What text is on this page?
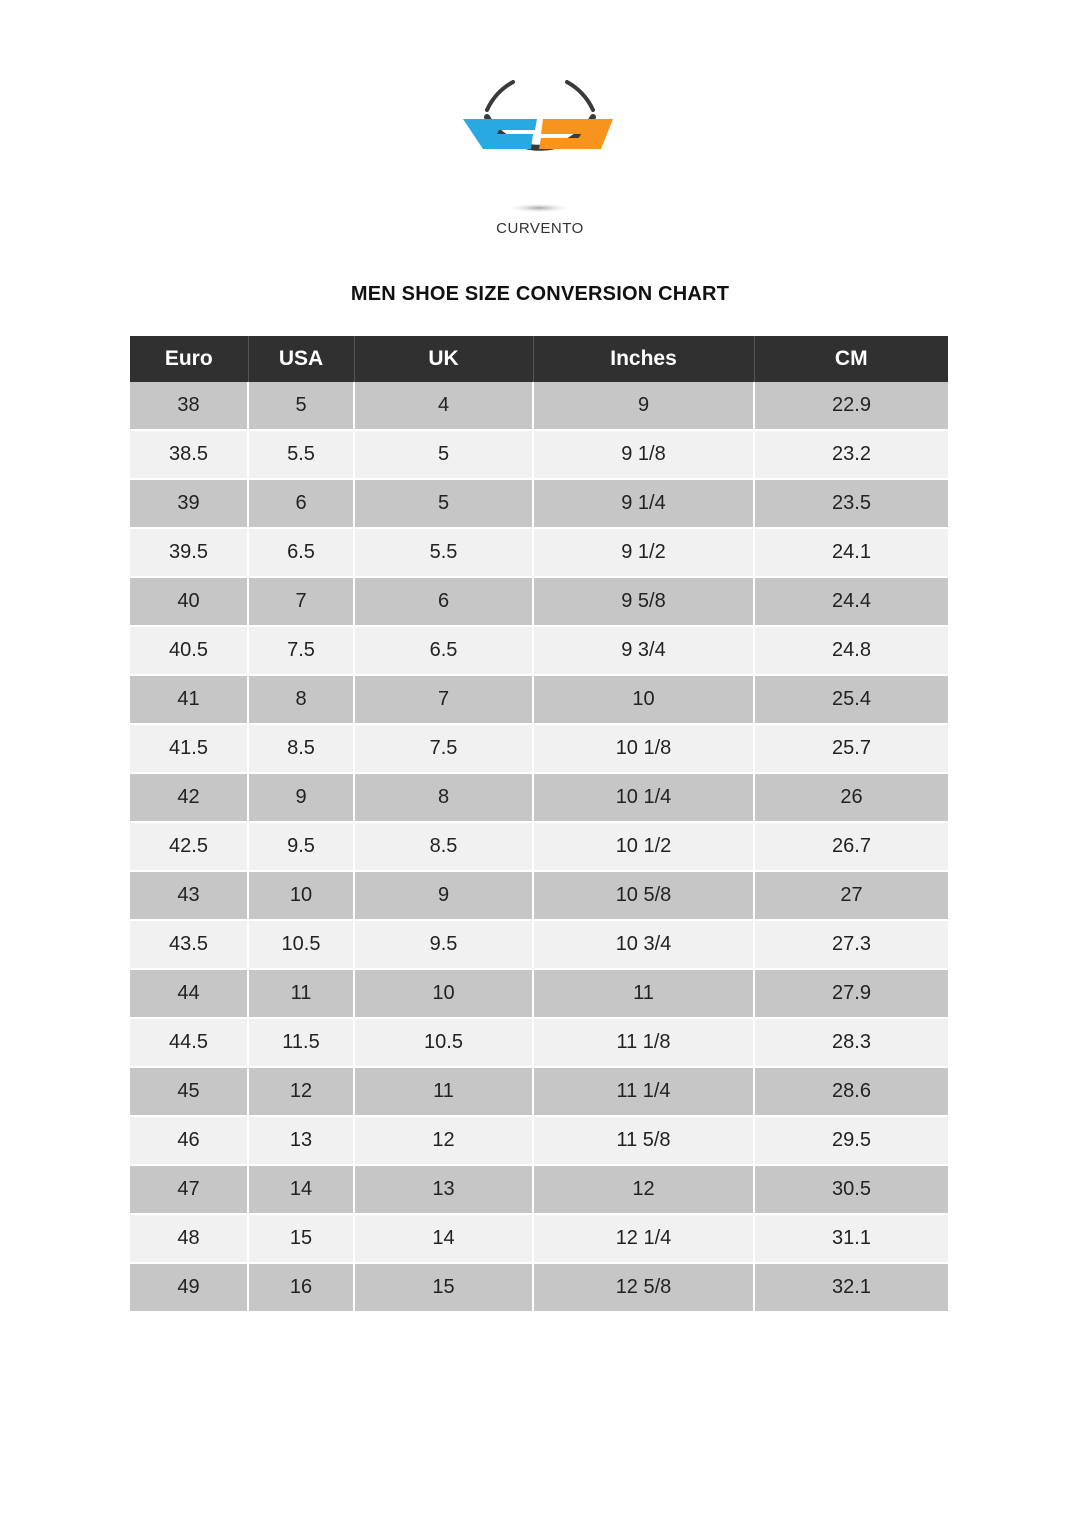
CURVENTO
MEN SHOE SIZE CONVERSION CHART
Euro	USA	UK	Inches	CM
38	5	4	9	22.9
38.5	5.5	5	9 1/8	23.2
39	6	5	9 1/4	23.5
39.5	6.5	5.5	9 1/2	24.1
40	7	6	9 5/8	24.4
40.5	7.5	6.5	9 3/4	24.8
41	8	7	10	25.4
41.5	8.5	7.5	10 1/8	25.7
42	9	8	10 1/4	26
42.5	9.5	8.5	10 1/2	26.7
43	10	9	10 5/8	27
43.5	10.5	9.5	10 3/4	27.3
44	11	10	11	27.9
44.5	11.5	10.5	11 1/8	28.3
45	12	11	11 1/4	28.6
46	13	12	11 5/8	29.5
47	14	13	12	30.5
48	15	14	12 1/4	31.1
49	16	15	12 5/8	32.1
